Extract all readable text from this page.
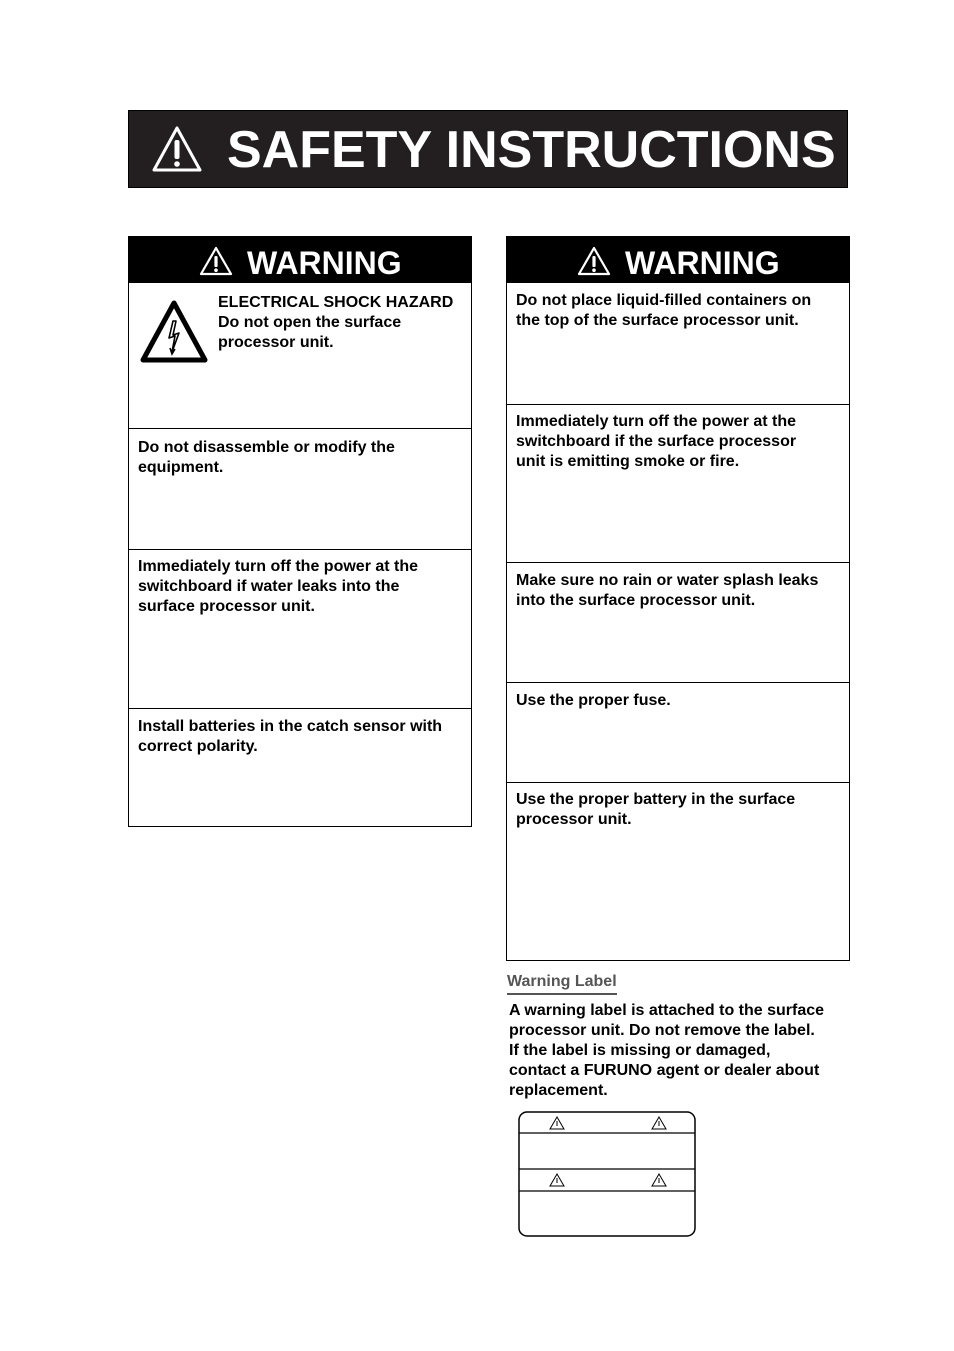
SAFETY INSTRUCTIONS
WARNING
ELECTRICAL SHOCK HAZARD
Do not open the surface
processor unit.
Do not disassemble or modify the
equipment.
Immediately turn off the power at the
switchboard if water leaks into the
surface processor unit.
Install batteries in the catch sensor with
correct polarity.
WARNING
Do not place liquid-filled containers on
the top of the surface processor unit.
Immediately turn off the power at the
switchboard if the surface processor
unit is emitting smoke or fire.
Make sure no rain or water splash leaks
into the surface processor unit.
Use the proper fuse.
Use the proper battery in the surface
processor unit.
Warning Label
A warning label is attached to the surface
processor unit. Do not remove the label.
If the label is missing or damaged,
contact a FURUNO agent or dealer about
replacement.
